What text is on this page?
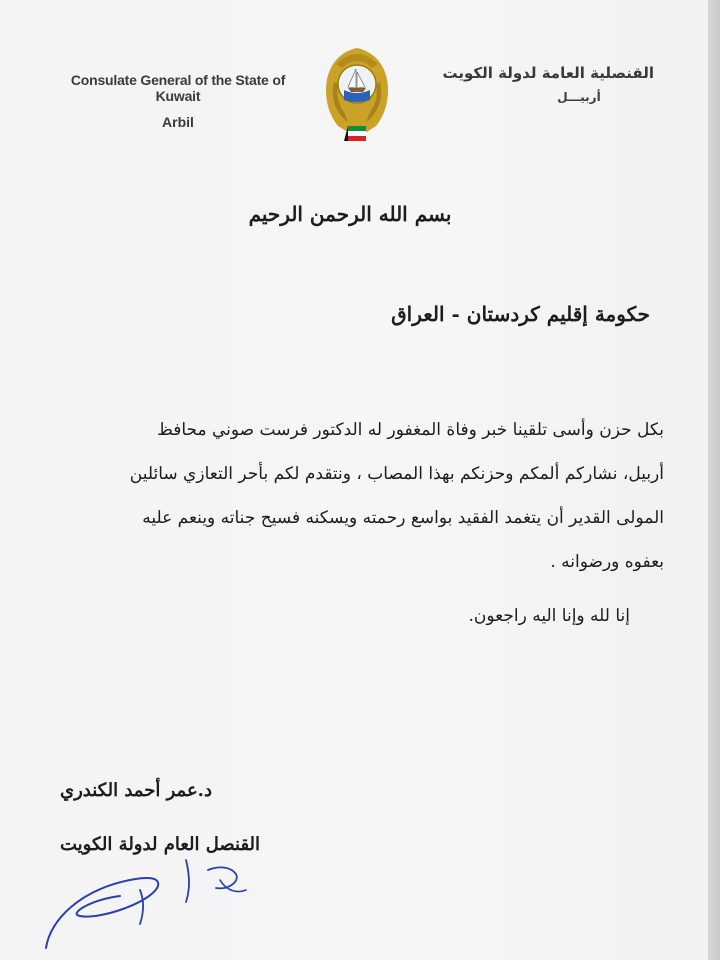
Consulate General of the State of Kuwait
Arbil
القنصلية العامة لدولة الكويت
أربيـــل
بسم الله الرحمن الرحيم
حكومة إقليم كردستان - العراق
بكل حزن وأسى تلقينا خبر وفاة المغفور له الدكتور فرست صوني محافظ
أربيل، نشاركم ألمكم وحزنكم بهذا المصاب ، ونتقدم لكم بأحر التعازي سائلين
المولى القدير أن يتغمد الفقيد بواسع رحمته ويسكنه فسيح جناته وينعم عليه
بعفوه ورضوانه .
إنا لله وإنا اليه راجعون.
د.عمر أحمد الكندري
القنصل العام لدولة الكويت
